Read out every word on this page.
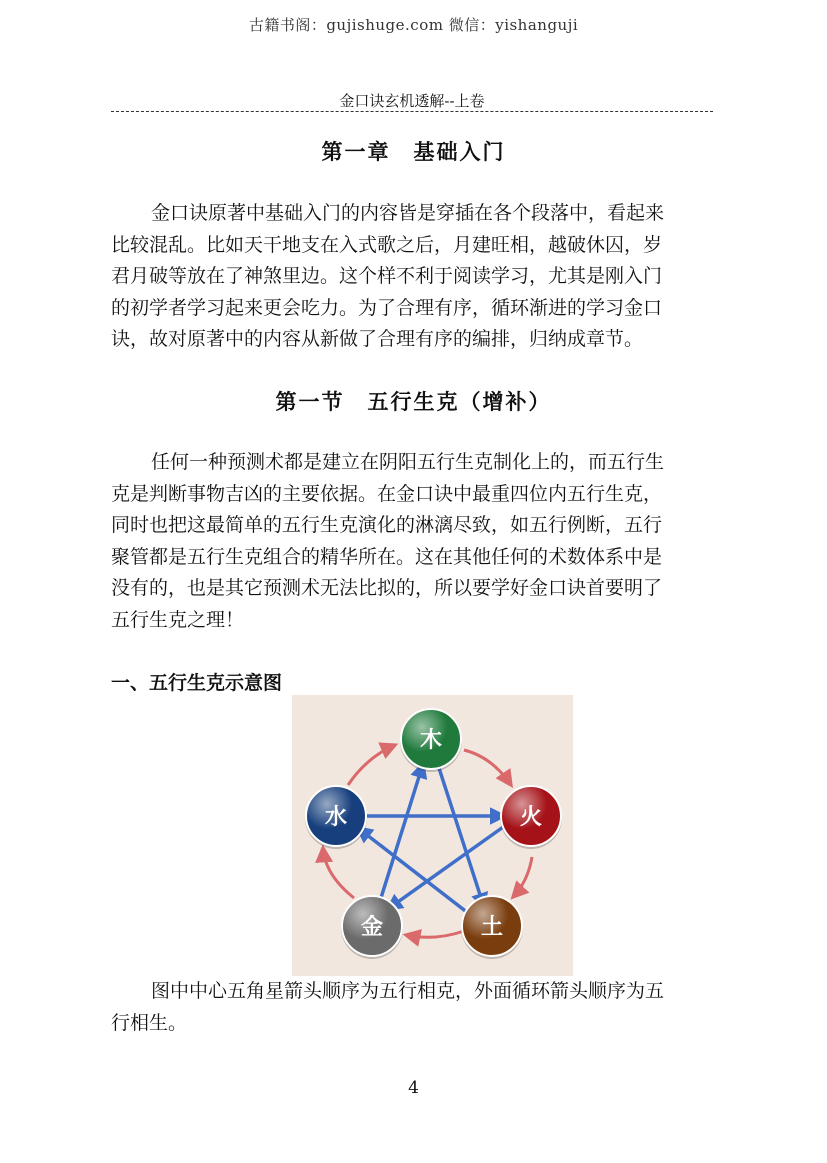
古籍书阁：gujishuge.com 微信：yishanguji
金口诀玄机透解--上卷
第一章　基础入门
金口诀原著中基础入门的内容皆是穿插在各个段落中，看起来
比较混乱。比如天干地支在入式歌之后，月建旺相，越破休囚，岁
君月破等放在了神煞里边。这个样不利于阅读学习，尤其是刚入门
的初学者学习起来更会吃力。为了合理有序，循环渐进的学习金口
诀，故对原著中的内容从新做了合理有序的编排，归纳成章节。
第一节　五行生克（增补）
任何一种预测术都是建立在阴阳五行生克制化上的，而五行生
克是判断事物吉凶的主要依据。在金口诀中最重四位内五行生克，
同时也把这最简单的五行生克演化的淋漓尽致，如五行例断，五行
聚管都是五行生克组合的精华所在。这在其他任何的术数体系中是
没有的，也是其它预测术无法比拟的，所以要学好金口诀首要明了
五行生克之理！
一、五行生克示意图
木
火
土
金
水
图中中心五角星箭头顺序为五行相克，外面循环箭头顺序为五
行相生。
4
